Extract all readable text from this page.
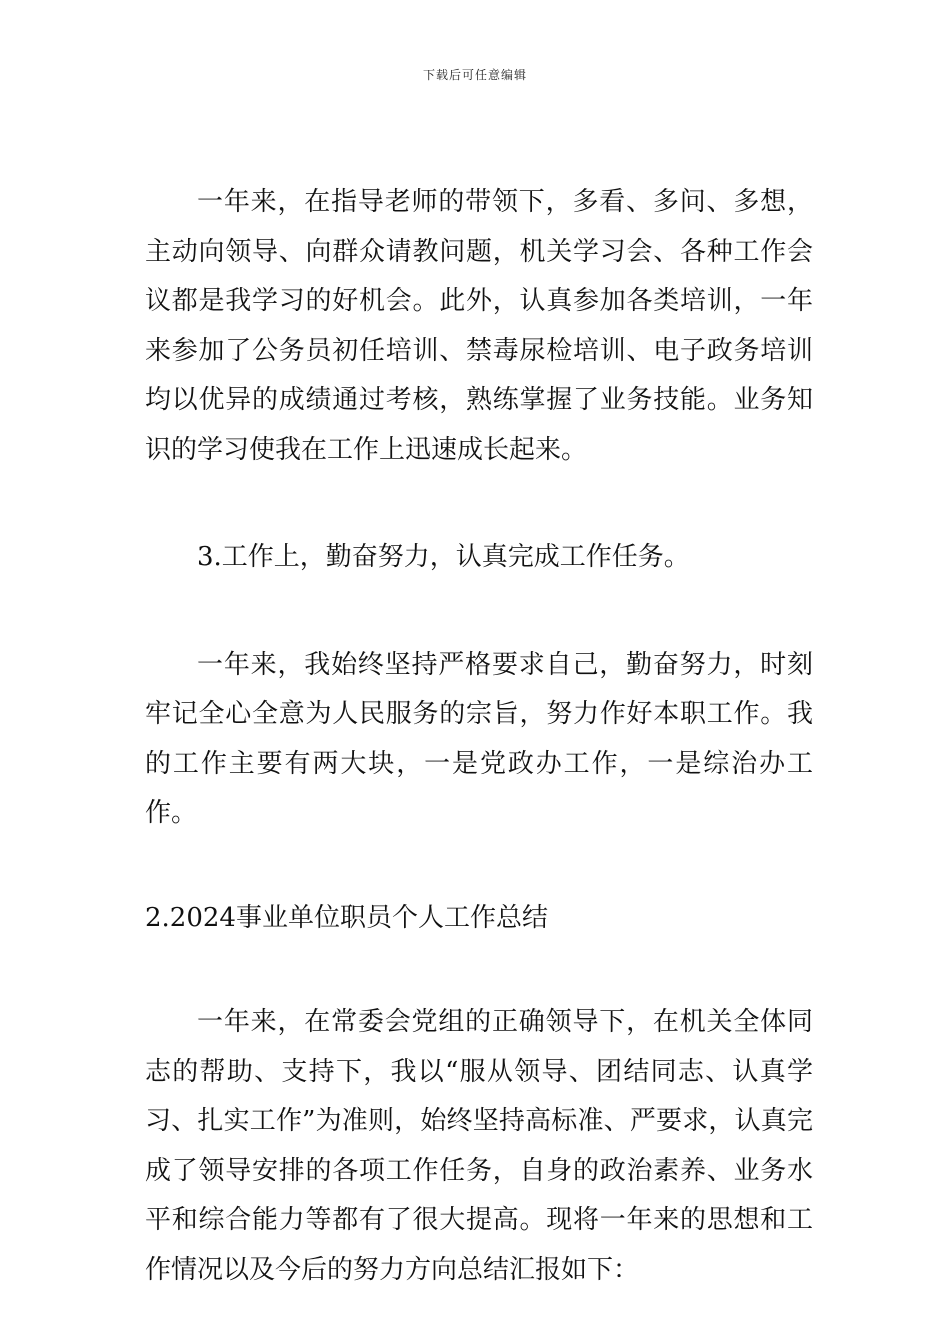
下载后可任意编辑

一年来，在指导老师的带领下，多看、多问、多想，主动向领导、向群众请教问题，机关学习会、各种工作会议都是我学习的好机会。此外，认真参加各类培训，一年来参加了公务员初任培训、禁毒尿检培训、电子政务培训均以优异的成绩通过考核，熟练掌握了业务技能。业务知识的学习使我在工作上迅速成长起来。

3.工作上，勤奋努力，认真完成工作任务。

一年来，我始终坚持严格要求自己，勤奋努力，时刻牢记全心全意为人民服务的宗旨，努力作好本职工作。我的工作主要有两大块，一是党政办工作，一是综治办工作。

2.2024事业单位职员个人工作总结

一年来，在常委会党组的正确领导下，在机关全体同志的帮助、支持下，我以“服从领导、团结同志、认真学习、扎实工作”为准则，始终坚持高标准、严要求，认真完成了领导安排的各项工作任务，自身的政治素养、业务水平和综合能力等都有了很大提高。现将一年来的思想和工作情况以及今后的努力方向总结汇报如下：
